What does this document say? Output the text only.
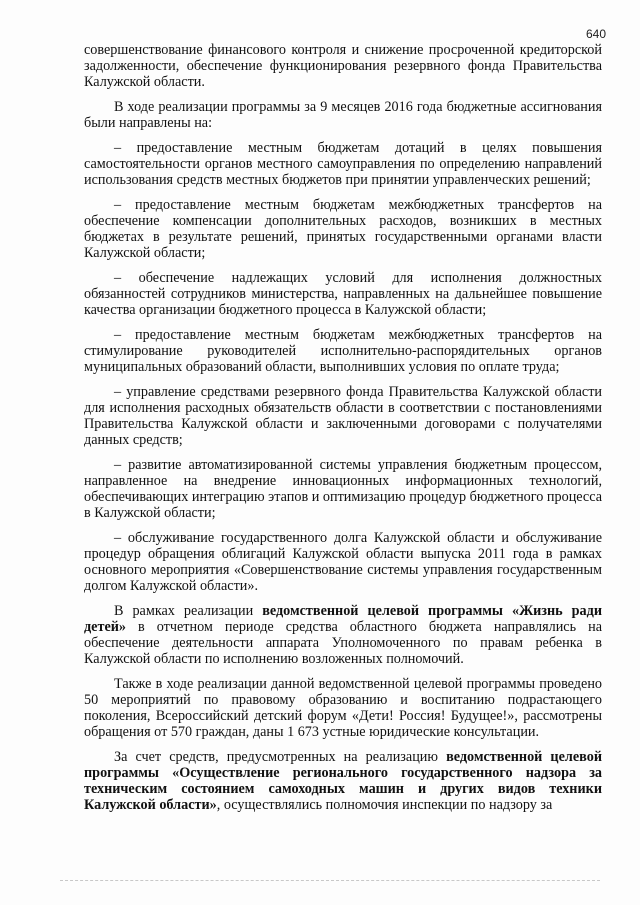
640

совершенствование финансового контроля и снижение просроченной кредиторской задолженности, обеспечение функционирования резервного фонда Правительства Калужской области.

В ходе реализации программы за 9 месяцев 2016 года бюджетные ассигнования были направлены на:

– предоставление местным бюджетам дотаций в целях повышения самостоятельности органов местного самоуправления по определению направлений использования средств местных бюджетов при принятии управленческих решений;

– предоставление местным бюджетам межбюджетных трансфертов на обеспечение компенсации дополнительных расходов, возникших в местных бюджетах в результате решений, принятых государственными органами власти Калужской области;

– обеспечение надлежащих условий для исполнения должностных обязанностей сотрудников министерства, направленных на дальнейшее повышение качества организации бюджетного процесса в Калужской области;

– предоставление местным бюджетам межбюджетных трансфертов на стимулирование руководителей исполнительно-распорядительных органов муниципальных образований области, выполнивших условия по оплате труда;

– управление средствами резервного фонда Правительства Калужской области для исполнения расходных обязательств области в соответствии с постановлениями Правительства Калужской области и заключенными договорами с получателями данных средств;

– развитие автоматизированной системы управления бюджетным процессом, направленное на внедрение инновационных информационных технологий, обеспечивающих интеграцию этапов и оптимизацию процедур бюджетного процесса в Калужской области;

– обслуживание государственного долга Калужской области и обслуживание процедур обращения облигаций Калужской области выпуска 2011 года в рамках основного мероприятия «Совершенствование системы управления государственным долгом Калужской области».

В рамках реализации ведомственной целевой программы «Жизнь ради детей» в отчетном периоде средства областного бюджета направлялись на обеспечение деятельности аппарата Уполномоченного по правам ребенка в Калужской области по исполнению возложенных полномочий.

Также в ходе реализации данной ведомственной целевой программы проведено 50 мероприятий по правовому образованию и воспитанию подрастающего поколения, Всероссийский детский форум «Дети! Россия! Будущее!», рассмотрены обращения от 570 граждан, даны 1 673 устные юридические консультации.

За счет средств, предусмотренных на реализацию ведомственной целевой программы «Осуществление регионального государственного надзора за техническим состоянием самоходных машин и других видов техники Калужской области», осуществлялись полномочия инспекции по надзору за
